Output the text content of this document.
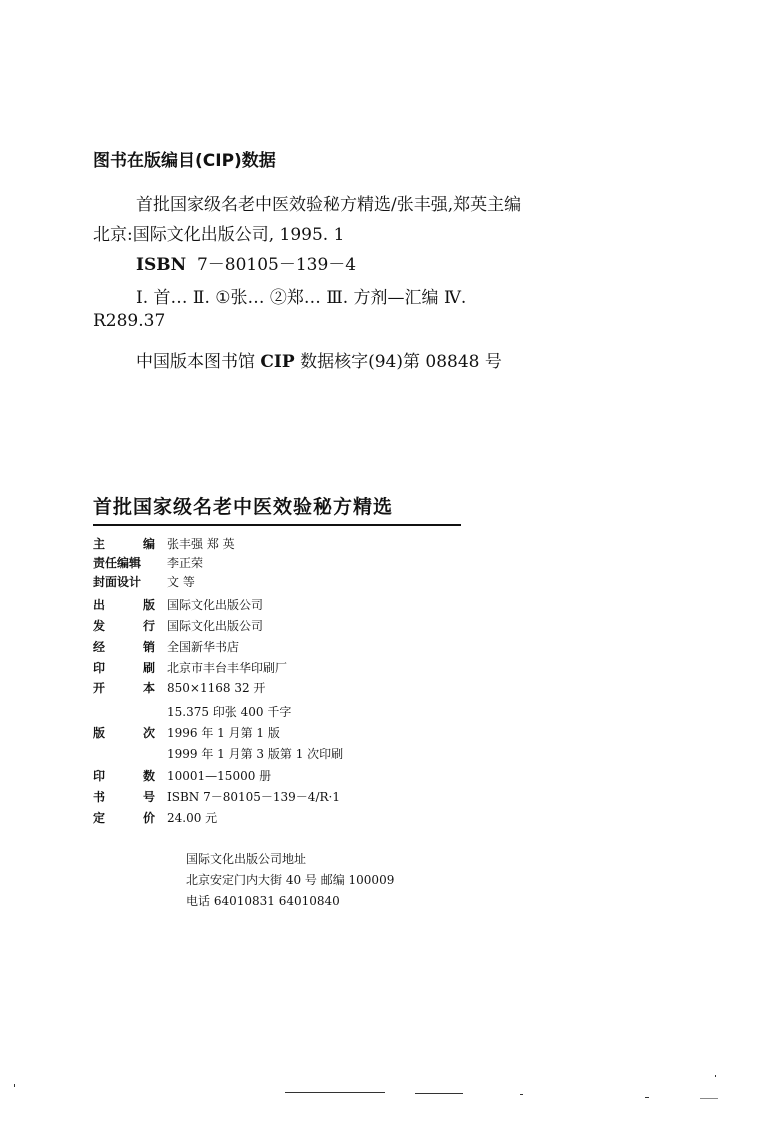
图书在版编目(CIP)数据
首批国家级名老中医效验秘方精选/张丰强,郑英主编
北京:国际文化出版公司, 1995. 1
ISBN 7－80105－139－4
Ⅰ. 首… Ⅱ. ①张… ②郑… Ⅲ. 方剂—汇编 Ⅳ.
R289.37
中国版本图书馆 CIP 数据核字(94)第 08848 号
首批国家级名老中医效验秘方精选
主	编 张丰强 郑 英
责任编辑 李正荣
封面设计 文 等
出	版 国际文化出版公司
发	行 国际文化出版公司
经	销 全国新华书店
印	刷 北京市丰台丰华印刷厂
开	本 850×1168 32 开
15.375 印张 400 千字
版	次 1996 年 1 月第 1 版
1999 年 1 月第 3 版第 1 次印刷
印	数 10001—15000 册
书	号 ISBN 7－80105－139－4/R·1
定	价 24.00 元
国际文化出版公司地址
北京安定门内大街 40 号 邮编 100009
电话 64010831 64010840
